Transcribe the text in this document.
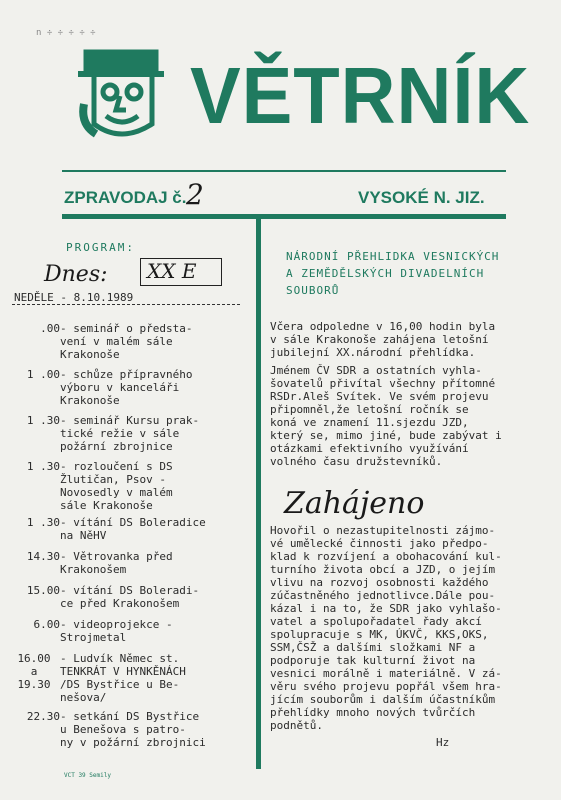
n ÷ ÷ ÷ ÷ ÷
VĚTRNÍK
ZPRAVODAJ č. 2	VYSOKÉ N. JIZ.
PROGRAM:
Dnes: XX E
NEDĚLE - 8.10.1989
.00 - seminář o předsta-
vení v malém sále
Krakonoše
1 .00 - schůze přípravného
výboru v kanceláři
Krakonoše
1 .30 - seminář Kursu prak-
tické režie v sále
požární zbrojnice
1 .30 - rozloučení s DS
Žlutičan, Psov -
Novosedly v malém
sále Krakonoše
1 .30 - vítání DS Boleradice
na NěHV
14.30 - Větrovanka před
Krakonošem
15.00 - vítání DS Boleradi-
ce před Krakonošem
6.00 - videoprojekce -
Strojmetal
16.00
a
19.30
- Ludvík Němec st.
TENKRÁT V HYNKĚNÁCH
/DS Bystřice u Be-
nešova/
22.30 - setkání DS Bystřice
u Benešova s patro-
ny v požární zbrojnici
NÁRODNÍ PŘEHLIDKA VESNICKÝCH
A ZEMĚDĚLSKÝCH DIVADELNÍCH
SOUBORŮ
Včera odpoledne v 16,00 hodin byla
v sále Krakonoše zahájena letošní
jubilejní XX.národní přehlídka.
Jménem ČV SDR a ostatních vyhla-
šovatelů přivítal všechny přítomné
RSDr.Aleš Svítek. Ve svém projevu
připomněl,že letošní ročník se
koná ve znamení 11.sjezdu JZD,
který se, mimo jiné, bude zabývat i
otázkami efektivního využívání
volného času družstevníků.
Zahájeno
Hovořil o nezastupitelnosti zájmo-
vé umělecké činnosti jako předpo-
klad k rozvíjení a obohacování kul-
turního života obcí a JZD, o jejím
vlivu na rozvoj osobnosti každého
zúčastněného jednotlivce.Dále pou-
kázal i na to, že SDR jako vyhlašo-
vatel a spolupořadatel řady akcí
spolupracuje s MK, ÚKVČ, KKS,OKS,
SSM,ČSŽ a dalšími složkami NF a
podporuje tak kulturní život na
vesnici morálně i materiálně. V zá-
věru svého projevu popřál všem hra-
jícím souborům i dalším účastníkům
přehlídky mnoho nových tvůrčích
podnětů.
Hz
VCT 39 Semily
